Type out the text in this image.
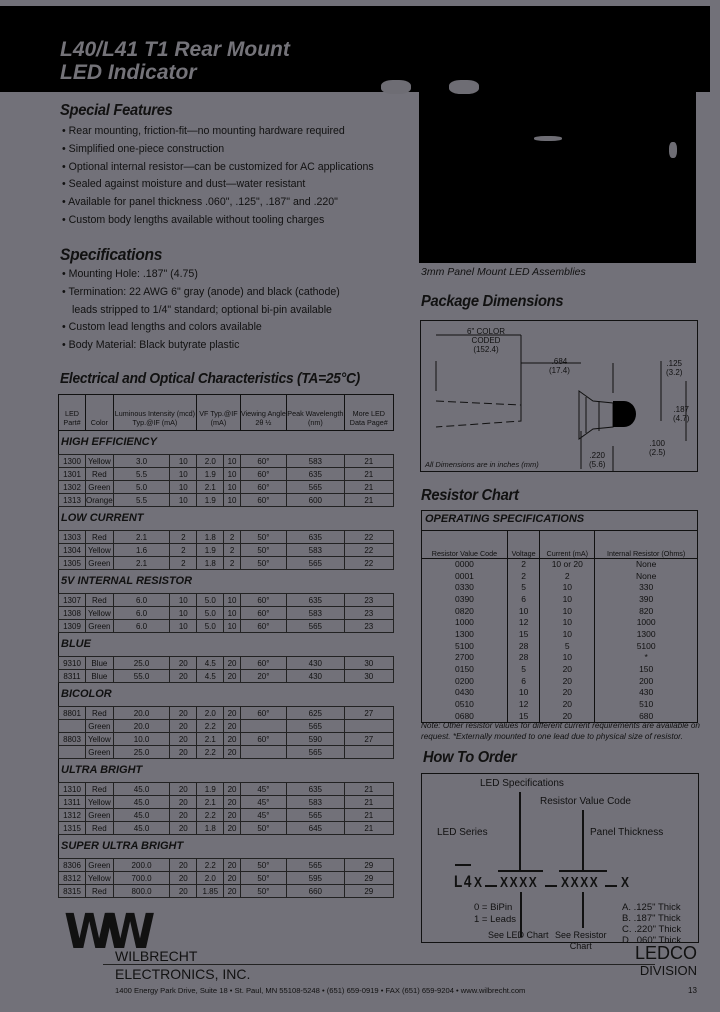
L40/L41 T1 Rear Mount
LED Indicator
3mm Panel Mount LED Assemblies
Special Features
• Rear mounting, friction-fit—no mounting hardware required
• Simplified one-piece construction
• Optional internal resistor—can be customized for AC applications
• Sealed against moisture and dust—water resistant
• Available for panel thickness .060", .125", .187" and .220"
• Custom body lengths available without tooling charges
Specifications
• Mounting Hole: .187" (4.75)
• Termination: 22 AWG 6" gray (anode) and black (cathode)
leads stripped to 1/4" standard; optional bi-pin available
• Custom lead lengths and colors available
• Body Material: Black butyrate plastic
Electrical and Optical Characteristics (TA=25°C)
LED Part#	Color	Luminous Intensity (mcd) Typ.@IF (mA)		VF Typ.@IF (mA)		Viewing Angle 2θ ½	Peak Wavelength (nm)	More LED Data Page#
HIGH EFFICIENCY								
1300	Yellow	3.0	10	2.0	10	60°	583	21
1301	Red	5.5	10	1.9	10	60°	635	21
1302	Green	5.0	10	2.1	10	60°	565	21
1313	Orange	5.5	10	1.9	10	60°	600	21
LOW CURRENT								
1303	Red	2.1	2	1.8	2	50°	635	22
1304	Yellow	1.6	2	1.9	2	50°	583	22
1305	Green	2.1	2	1.8	2	50°	565	22
5V INTERNAL RESISTOR								
1307	Red	6.0	10	5.0	10	60°	635	23
1308	Yellow	6.0	10	5.0	10	60°	583	23
1309	Green	6.0	10	5.0	10	60°	565	23
BLUE								
9310	Blue	25.0	20	4.5	20	60°	430	30
8311	Blue	55.0	20	4.5	20	20°	430	30
BICOLOR								
8801	Red	20.0	20	2.0	20	60°	625	27
	Green	20.0	20	2.2	20		565	
8803	Yellow	10.0	20	2.1	20	60°	590	27
	Green	25.0	20	2.2	20		565	
ULTRA BRIGHT								
1310	Red	45.0	20	1.9	20	45°	635	21
1311	Yellow	45.0	20	2.1	20	45°	583	21
1312	Green	45.0	20	2.2	20	45°	565	21
1315	Red	45.0	20	1.8	20	50°	645	21
SUPER ULTRA BRIGHT								
8306	Green	200.0	20	2.2	20	50°	565	29
8312	Yellow	700.0	20	2.0	20	50°	595	29
8315	Red	800.0	20	1.85	20	50°	660	29
Package Dimensions
6" COLOR
CODED
(152.4)
.684
(17.4)
.125
(3.2)
.187
(4.7)
.100
(2.5)
.220
(5.6)
All Dimensions are in inches (mm)
Resistor Chart
OPERATING SPECIFICATIONS
Resistor Value Code	Voltage	Current (mA)	Internal Resistor (Ohms)
0000	2	10 or 20	None
0001	2	2	None
0330	5	10	330
0390	6	10	390
0820	10	10	820
1000	12	10	1000
1300	15	10	1300
5100	28	5	5100
2700	28	10	*
0150	5	20	150
0200	6	20	200
0430	10	20	430
0510	12	20	510
0680	15	20	680
Note: Other resistor values for different current requirements are available on request. *Externally mounted to one lead due to physical size of resistor.
How To Order
LED Specifications
Resistor Value Code
LED Series	Panel Thickness
L4 X XXXX XXXX X
0 = BiPin
1 = Leads
A. .125" Thick
B. .187" Thick
C. .220" Thick
D. .060" Thick
See Resistor
Chart
See LED Chart
WW
WILBRECHT
ELECTRONICS, INC.
LEDCO
DIVISION
1400 Energy Park Drive, Suite 18 • St. Paul, MN 55108-5248 • (651) 659-0919 • FAX (651) 659-9204 • www.wilbrecht.com	13
